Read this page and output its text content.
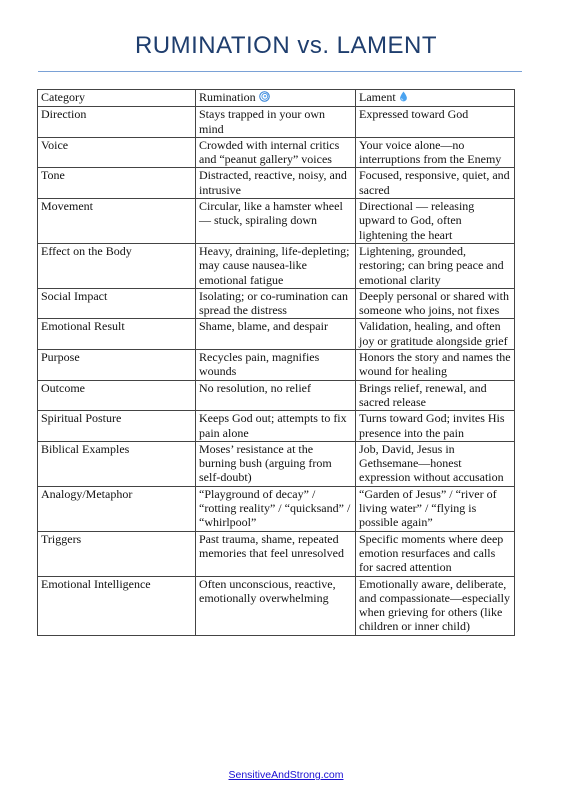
RUMINATION vs. LAMENT
Category	Rumination	Lament
Direction	Stays trapped in your own mind	Expressed toward God
Voice	Crowded with internal critics and “peanut gallery” voices	Your voice alone—no interruptions from the Enemy
Tone	Distracted, reactive, noisy, and intrusive	Focused, responsive, quiet, and sacred
Movement	Circular, like a hamster wheel — stuck, spiraling down	Directional — releasing upward to God, often lightening the heart
Effect on the Body	Heavy, draining, life-depleting; may cause nausea-like emotional fatigue	Lightening, grounded, restoring; can bring peace and emotional clarity
Social Impact	Isolating; or co-rumination can spread the distress	Deeply personal or shared with someone who joins, not fixes
Emotional Result	Shame, blame, and despair	Validation, healing, and often joy or gratitude alongside grief
Purpose	Recycles pain, magnifies wounds	Honors the story and names the wound for healing
Outcome	No resolution, no relief	Brings relief, renewal, and sacred release
Spiritual Posture	Keeps God out; attempts to fix pain alone	Turns toward God; invites His presence into the pain
Biblical Examples	Moses’ resistance at the burning bush (arguing from self-doubt)	Job, David, Jesus in Gethsemane—honest expression without accusation
Analogy/Metaphor	“Playground of decay” / “rotting reality” / “quicksand” / “whirlpool”	“Garden of Jesus” / “river of living water” / “flying is possible again”
Triggers	Past trauma, shame, repeated memories that feel unresolved	Specific moments where deep emotion resurfaces and calls for sacred attention
Emotional Intelligence	Often unconscious, reactive, emotionally overwhelming	Emotionally aware, deliberate, and compassionate—especially when grieving for others (like children or inner child)
SensitiveAndStrong.com
